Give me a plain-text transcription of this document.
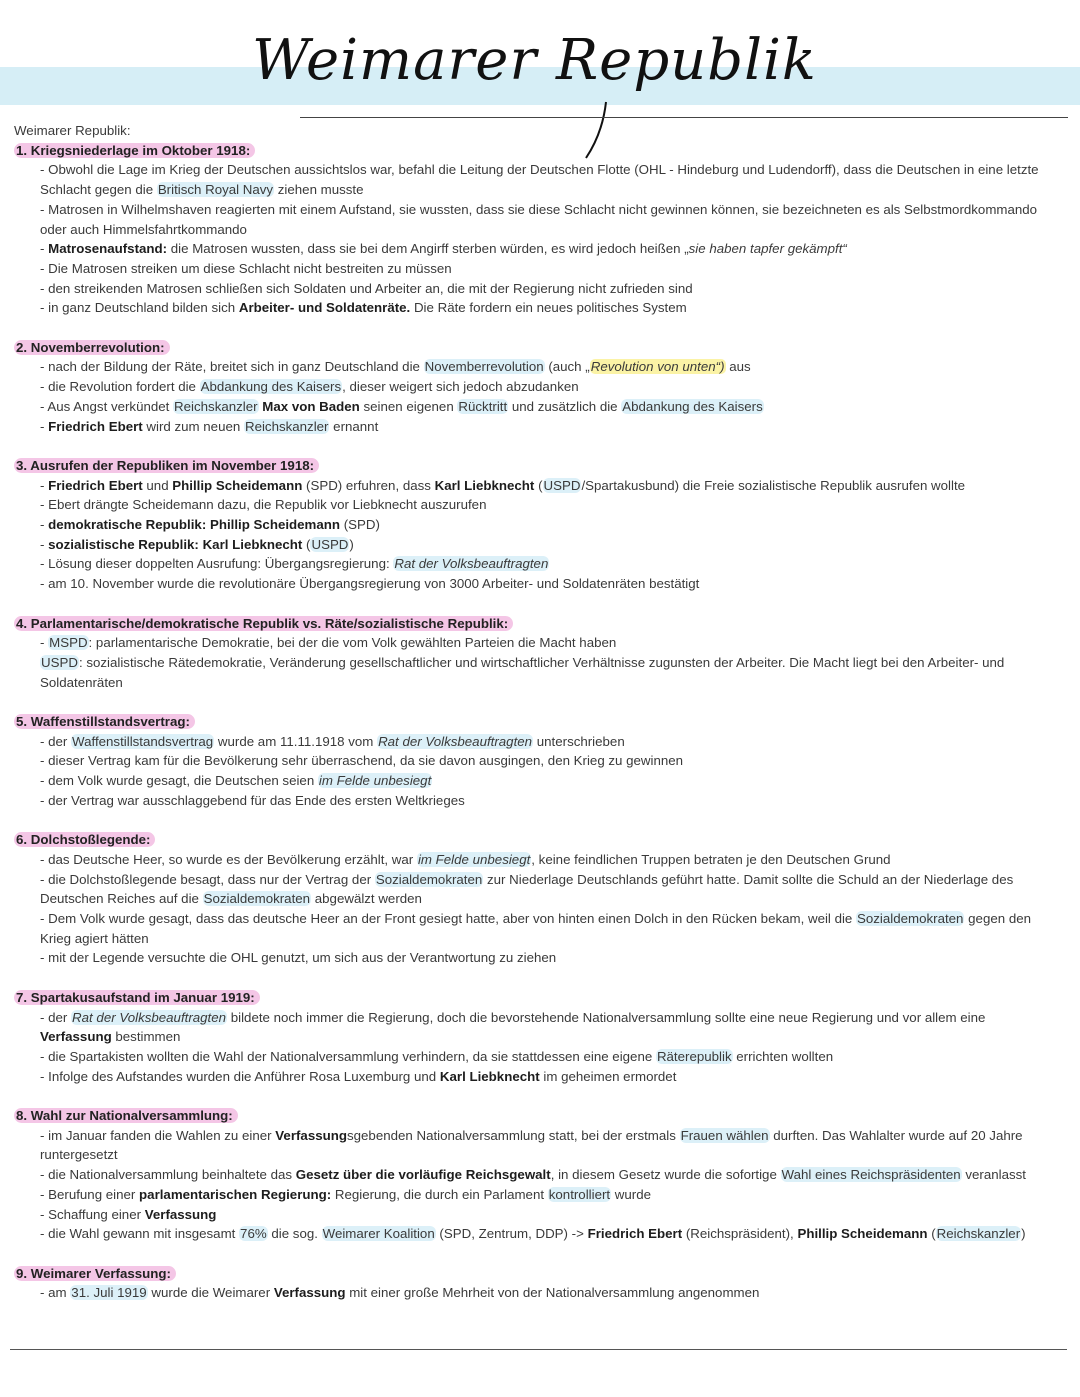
Weimarer Republik

Weimarer Republik:

1. Kriegsniederlage im Oktober 1918:

- Obwohl die Lage im Krieg der Deutschen aussichtslos war, befahl die Leitung der Deutschen Flotte (OHL - Hindeburg und Ludendorff), dass die Deutschen in eine letzte Schlacht gegen die Britisch Royal Navy ziehen musste

- Matrosen in Wilhelmshaven reagierten mit einem Aufstand, sie wussten, dass sie diese Schlacht nicht gewinnen können, sie bezeichneten es als Selbstmordkommando oder auch Himmelsfahrtkommando

- Matrosenaufstand: die Matrosen wussten, dass sie bei dem Angirff sterben würden, es wird jedoch heißen „sie haben tapfer gekämpft“

- Die Matrosen streiken um diese Schlacht nicht bestreiten zu müssen

- den streikenden Matrosen schließen sich Soldaten und Arbeiter an, die mit der Regierung nicht zufrieden sind

- in ganz Deutschland bilden sich Arbeiter- und Soldatenräte. Die Räte fordern ein neues politisches System

2. Novemberrevolution:

- nach der Bildung der Räte, breitet sich in ganz Deutschland die Novemberrevolution (auch „Revolution von unten“) aus

- die Revolution fordert die Abdankung des Kaisers, dieser weigert sich jedoch abzudanken

- Aus Angst verkündet Reichskanzler Max von Baden seinen eigenen Rücktritt und zusätzlich die Abdankung des Kaisers

- Friedrich Ebert wird zum neuen Reichskanzler ernannt

3. Ausrufen der Republiken im November 1918:

- Friedrich Ebert und Phillip Scheidemann (SPD) erfuhren, dass Karl Liebknecht (USPD/Spartakusbund) die Freie sozialistische Republik ausrufen wollte

- Ebert drängte Scheidemann dazu, die Republik vor Liebknecht auszurufen

- demokratische Republik: Phillip Scheidemann (SPD)

- sozialistische Republik: Karl Liebknecht (USPD)

- Lösung dieser doppelten Ausrufung: Übergangsregierung: Rat der Volksbeauftragten

- am 10. November wurde die revolutionäre Übergangsregierung von 3000 Arbeiter- und Soldatenräten bestätigt

4. Parlamentarische/demokratische Republik vs. Räte/sozialistische Republik:

- MSPD: parlamentarische Demokratie, bei der die vom Volk gewählten Parteien die Macht haben

USPD: sozialistische Rätedemokratie, Veränderung gesellschaftlicher und wirtschaftlicher Verhältnisse zugunsten der Arbeiter. Die Macht liegt bei den Arbeiter- und Soldatenräten

5. Waffenstillstandsvertrag:

- der Waffenstillstandsvertrag wurde am 11.11.1918 vom Rat der Volksbeauftragten unterschrieben

- dieser Vertrag kam für die Bevölkerung sehr überraschend, da sie davon ausgingen, den Krieg zu gewinnen

- dem Volk wurde gesagt, die Deutschen seien im Felde unbesiegt

- der Vertrag war ausschlaggebend für das Ende des ersten Weltkrieges

6. Dolchstoßlegende:

- das Deutsche Heer, so wurde es der Bevölkerung erzählt, war im Felde unbesiegt, keine feindlichen Truppen betraten je den Deutschen Grund

- die Dolchstoßlegende besagt, dass nur der Vertrag der Sozialdemokraten zur Niederlage Deutschlands geführt hatte. Damit sollte die Schuld an der Niederlage des Deutschen Reiches auf die Sozialdemokraten abgewälzt werden

- Dem Volk wurde gesagt, dass das deutsche Heer an der Front gesiegt hatte, aber von hinten einen Dolch in den Rücken bekam, weil die Sozialdemokraten gegen den Krieg agiert hätten

- mit der Legende versuchte die OHL genutzt, um sich aus der Verantwortung zu ziehen

7. Spartakusaufstand im Januar 1919:

- der Rat der Volksbeauftragten bildete noch immer die Regierung, doch die bevorstehende Nationalversammlung sollte eine neue Regierung und vor allem eine Verfassung bestimmen

- die Spartakisten wollten die Wahl der Nationalversammlung verhindern, da sie stattdessen eine eigene Räterepublik errichten wollten

- Infolge des Aufstandes wurden die Anführer Rosa Luxemburg und Karl Liebknecht im geheimen ermordet

8. Wahl zur Nationalversammlung:

- im Januar fanden die Wahlen zu einer Verfassungsgebenden Nationalversammlung statt, bei der erstmals Frauen wählen durften. Das Wahlalter wurde auf 20 Jahre runtergesetzt

- die Nationalversammlung beinhaltete das Gesetz über die vorläufige Reichsgewalt, in diesem Gesetz wurde die sofortige Wahl eines Reichspräsidenten veranlasst

- Berufung einer parlamentarischen Regierung: Regierung, die durch ein Parlament kontrolliert wurde

- Schaffung einer Verfassung

- die Wahl gewann mit insgesamt 76% die sog. Weimarer Koalition (SPD, Zentrum, DDP) -> Friedrich Ebert (Reichspräsident), Phillip Scheidemann (Reichskanzler)

9. Weimarer Verfassung:

- am 31. Juli 1919 wurde die Weimarer Verfassung mit einer große Mehrheit von der Nationalversammlung angenommen
